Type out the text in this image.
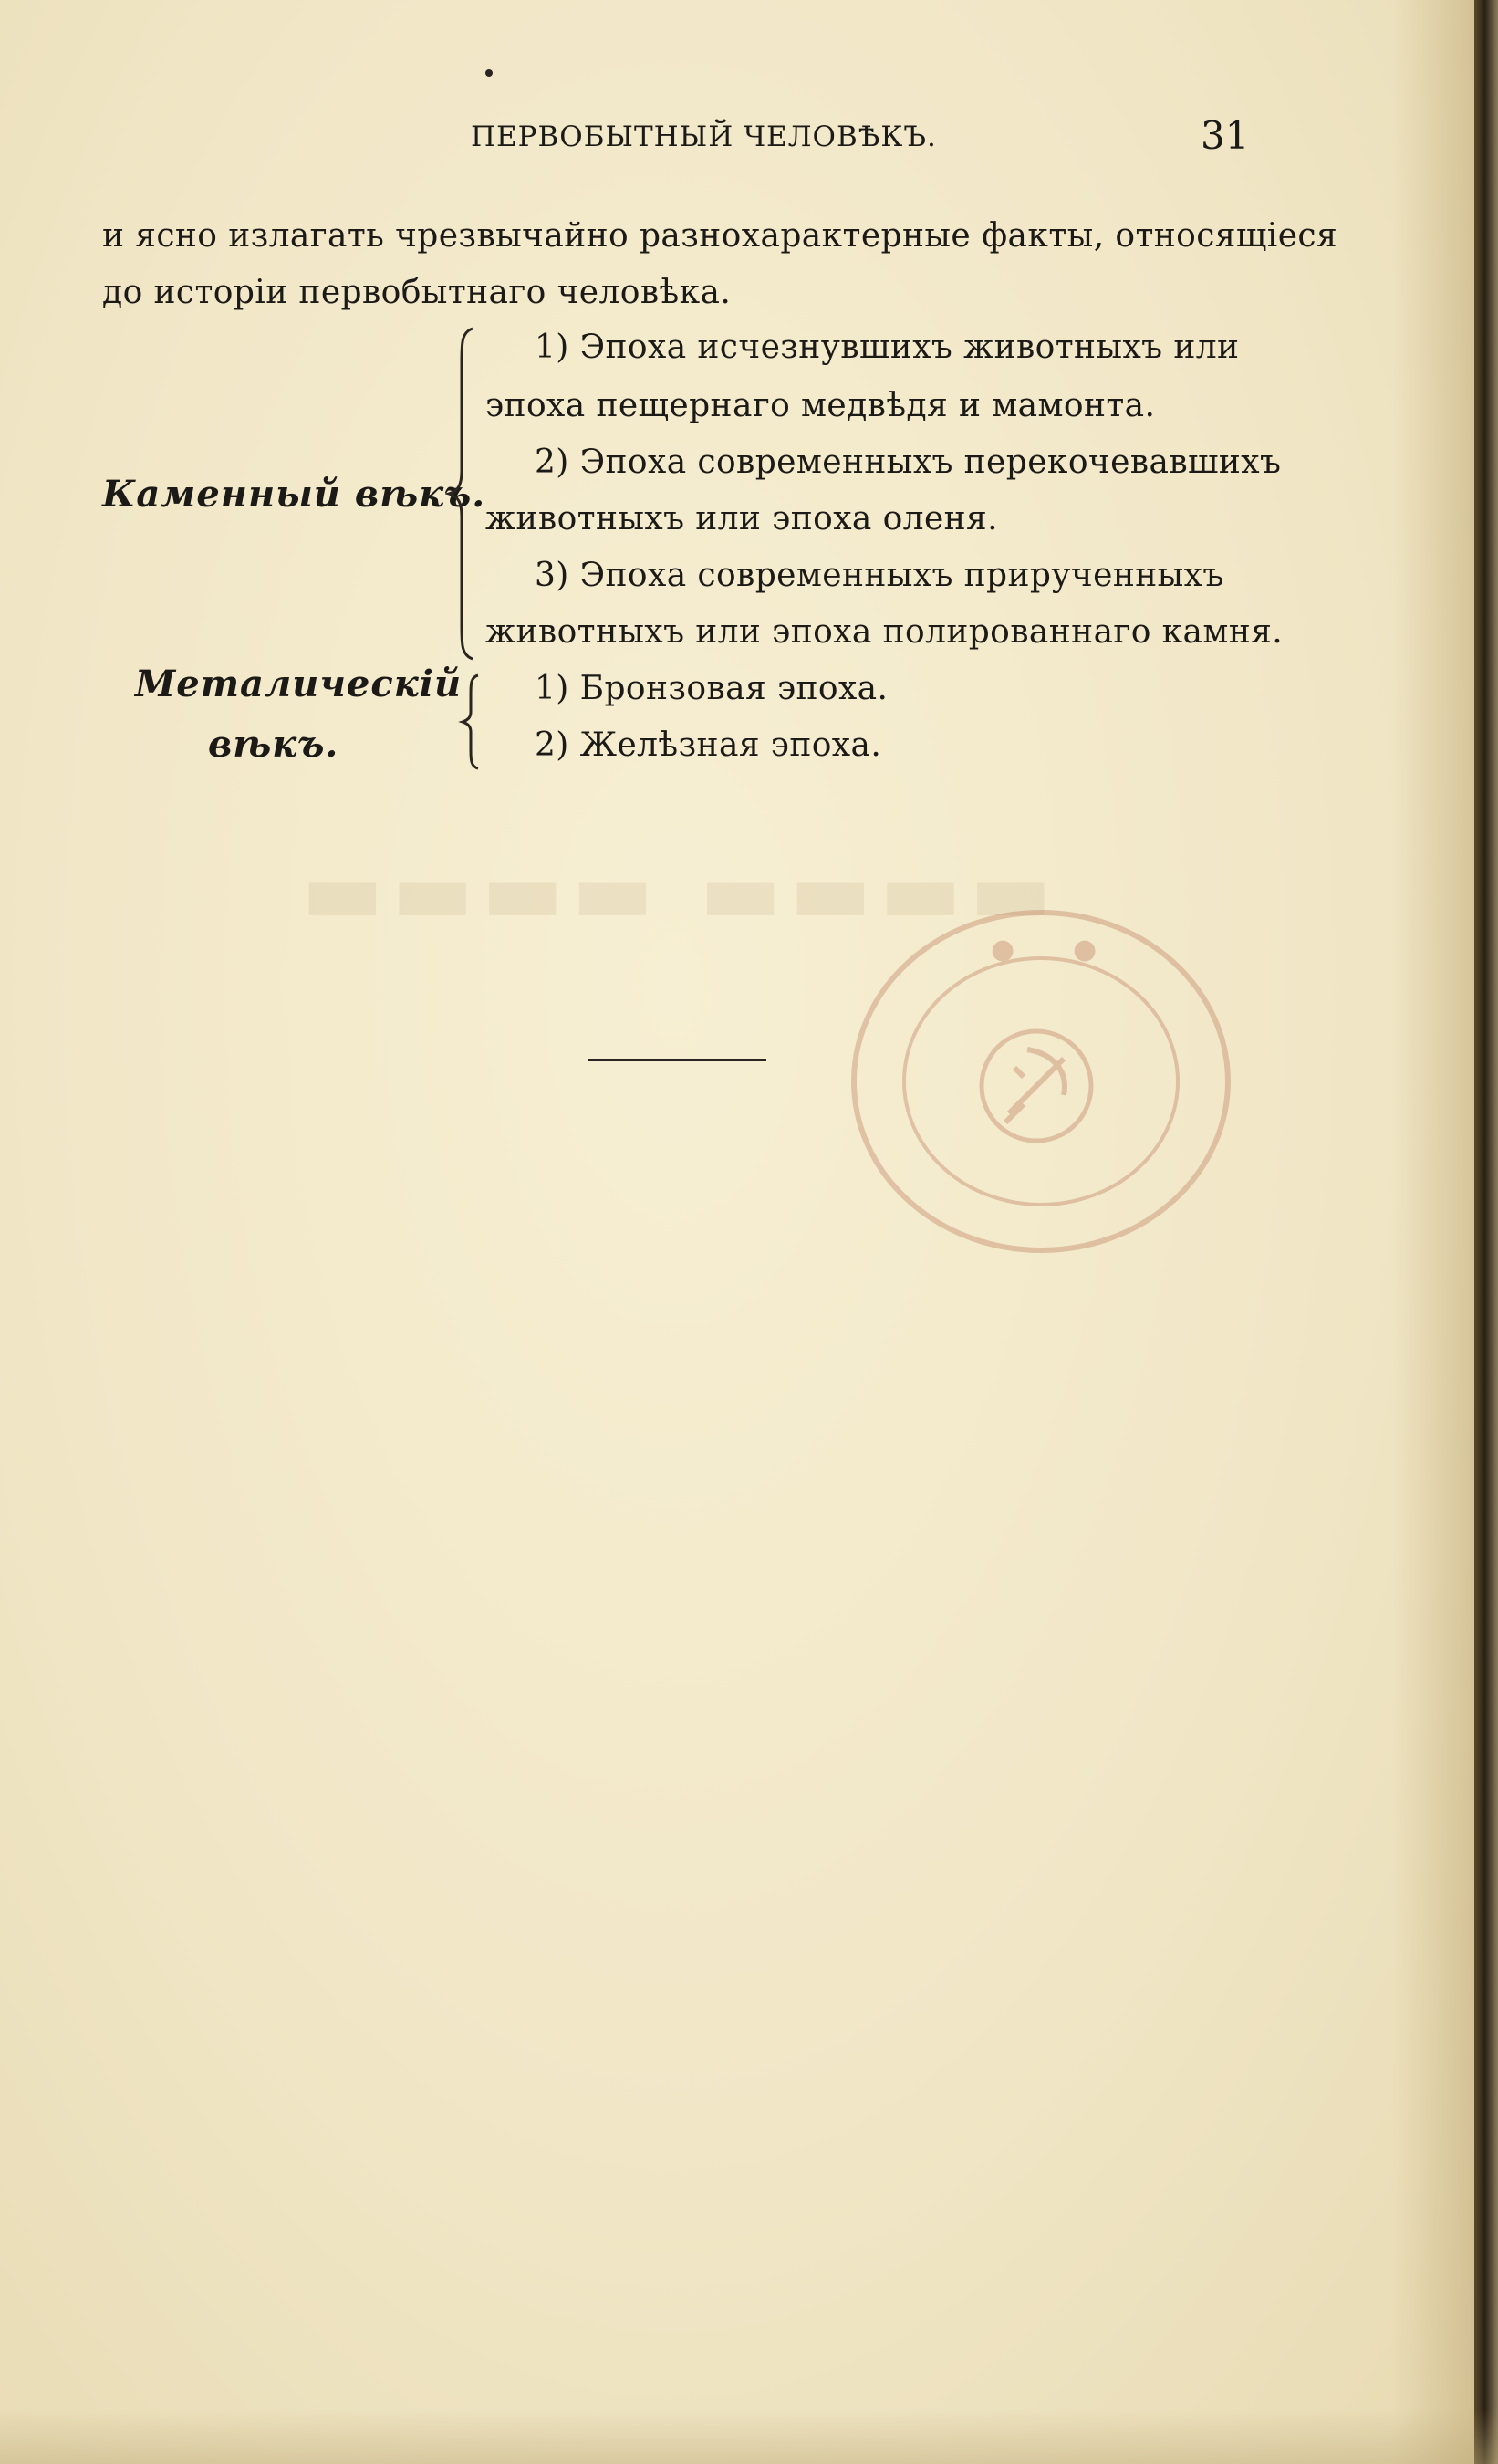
▬▬▬▬ ▬▬▬▬
ПЕРВОБЫТНЫЙ ЧЕЛОВѢКЪ.	31
и ясно излагать чрезвычайно разнохарактерные факты, относящіеся
до исторіи первобытнаго человѣка.
Каменный вѣкъ.
1) Эпоха исчезнувшихъ животныхъ или
эпоха пещернаго медвѣдя и мамонта.
2) Эпоха современныхъ перекочевавшихъ
животныхъ или эпоха оленя.
3) Эпоха современныхъ прирученныхъ
животныхъ или эпоха полированнаго камня.
Металическій
вѣкъ.
1) Бронзовая эпоха.
2) Желѣзная эпоха.
● ●
